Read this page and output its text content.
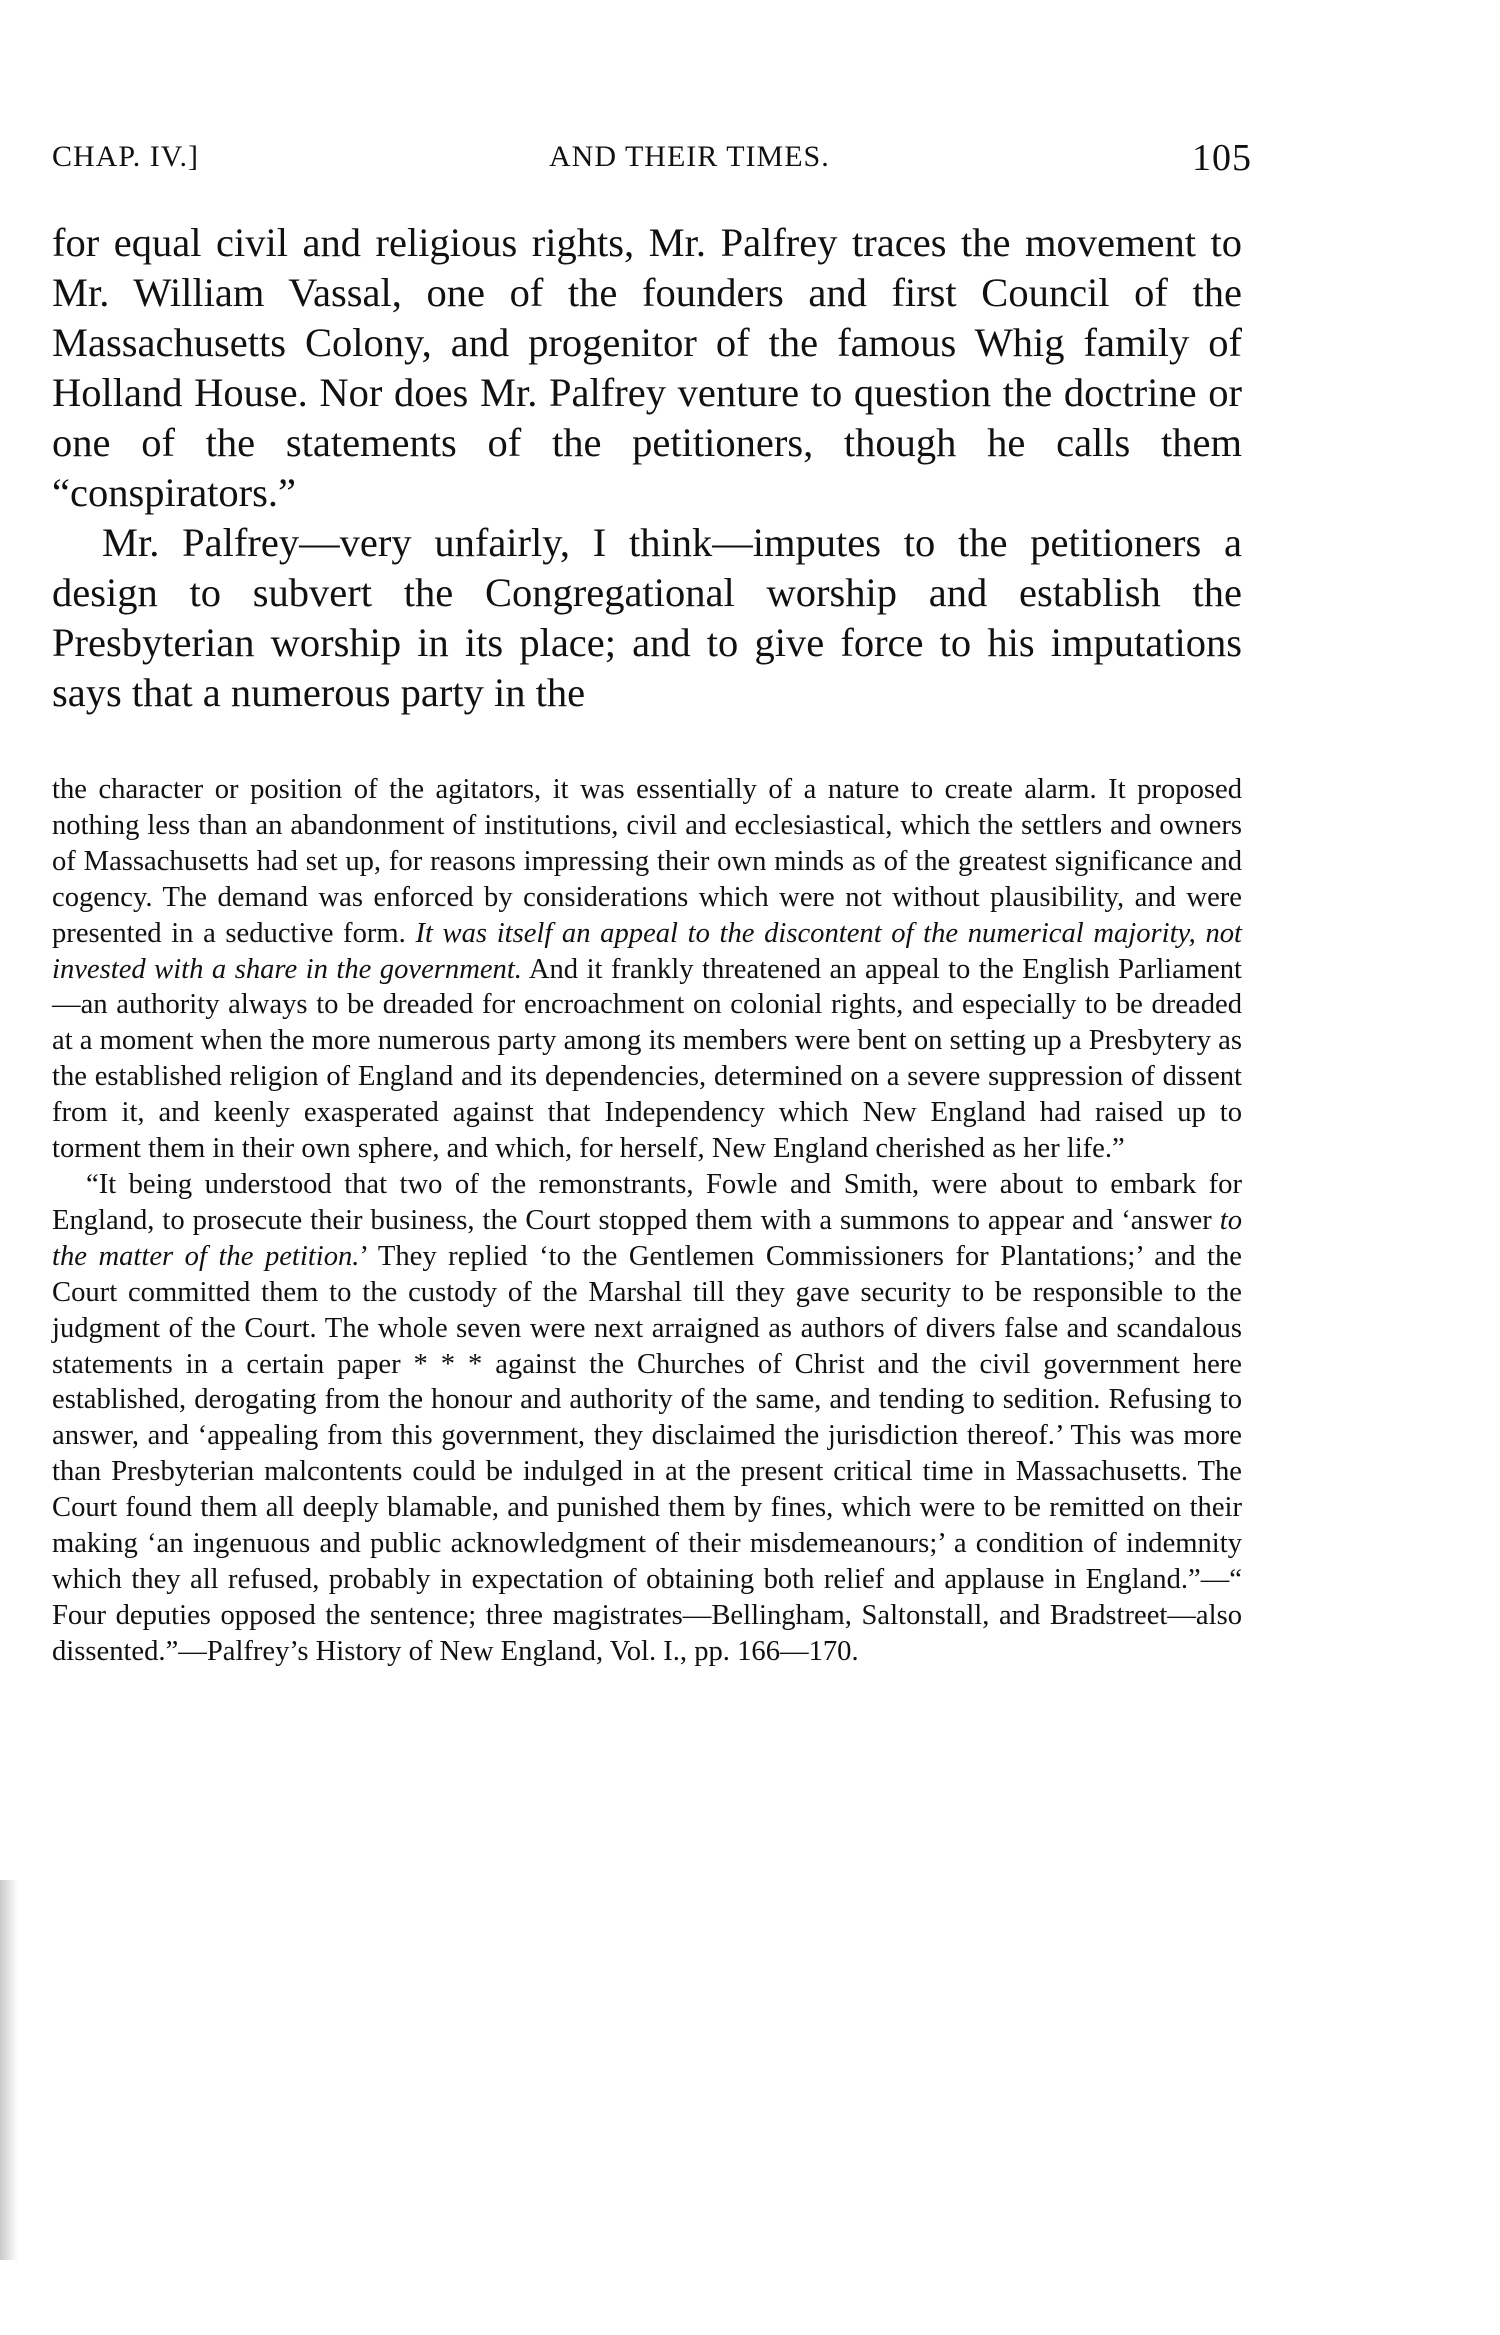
CHAP. IV.]	AND THEIR TIMES.	105

for equal civil and religious rights, Mr. Palfrey traces the movement to Mr. William Vassal, one of the founders and first Council of the Massachusetts Colony, and progenitor of the famous Whig family of Holland House. Nor does Mr. Palfrey venture to question the doctrine or one of the statements of the petitioners, though he calls them “conspirators.”

Mr. Palfrey—very unfairly, I think—imputes to the petitioners a design to subvert the Congregational worship and establish the Presbyterian worship in its place; and to give force to his imputations says that a numerous party in the

the character or position of the agitators, it was essentially of a nature to create alarm. It proposed nothing less than an abandonment of institutions, civil and ecclesiastical, which the settlers and owners of Massachusetts had set up, for reasons impressing their own minds as of the greatest significance and cogency. The demand was enforced by considerations which were not without plausibility, and were presented in a seductive form. It was itself an appeal to the discontent of the numerical majority, not invested with a share in the government. And it frankly threatened an appeal to the English Parliament—an authority always to be dreaded for encroachment on colonial rights, and especially to be dreaded at a moment when the more numerous party among its members were bent on setting up a Presbytery as the established religion of England and its dependencies, determined on a severe suppression of dissent from it, and keenly exasperated against that Independency which New England had raised up to torment them in their own sphere, and which, for herself, New England cherished as her life.”

“It being understood that two of the remonstrants, Fowle and Smith, were about to embark for England, to prosecute their business, the Court stopped them with a summons to appear and ‘answer to the matter of the petition.’ They replied ‘to the Gentlemen Commissioners for Plantations;’ and the Court committed them to the custody of the Marshal till they gave security to be responsible to the judgment of the Court. The whole seven were next arraigned as authors of divers false and scandalous statements in a certain paper * * * against the Churches of Christ and the civil government here established, derogating from the honour and authority of the same, and tending to sedition. Refusing to answer, and ‘appealing from this government, they disclaimed the jurisdiction thereof.’ This was more than Presbyterian malcontents could be indulged in at the present critical time in Massachusetts. The Court found them all deeply blamable, and punished them by fines, which were to be remitted on their making ‘an ingenuous and public acknowledgment of their misdemeanours;’ a condition of indemnity which they all refused, probably in expectation of obtaining both relief and applause in England.”—“ Four deputies opposed the sentence; three magistrates—Bellingham, Saltonstall, and Bradstreet—also dissented.”—Palfrey’s History of New England, Vol. I., pp. 166—170.
